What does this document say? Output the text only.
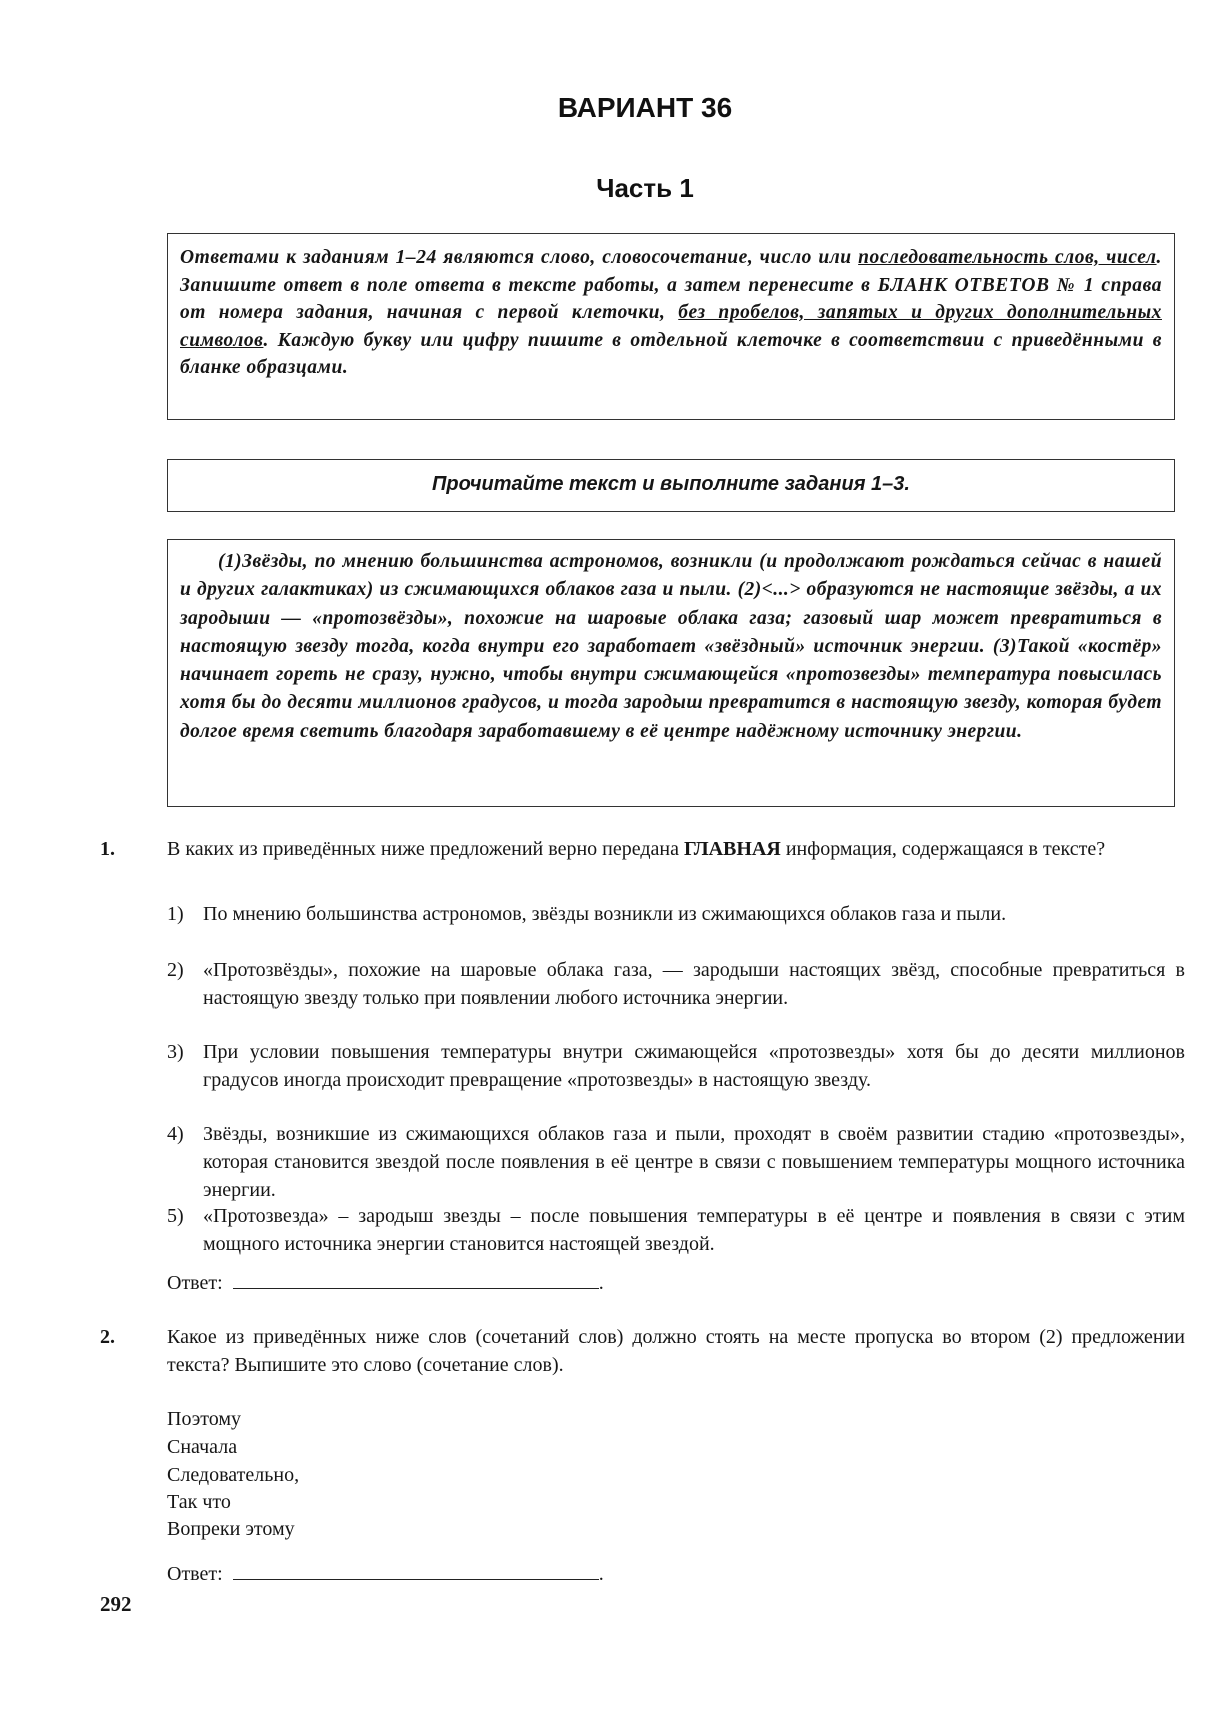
ВАРИАНТ 36
Часть 1

Ответами к заданиям 1–24 являются слово, словосочетание, число или последовательность слов, чисел. Запишите ответ в поле ответа в тексте работы, а затем перенесите в БЛАНК ОТВЕТОВ № 1 справа от номера задания, начиная с первой клеточки, без пробелов, запятых и других дополнительных символов. Каждую букву или цифру пишите в отдельной клеточке в соответствии с приведёнными в бланке образцами.

Прочитайте текст и выполните задания 1–3.

(1)Звёзды, по мнению большинства астрономов, возникли (и продолжают рождаться сейчас в нашей и других галактиках) из сжимающихся облаков газа и пыли. (2)<...> образуются не настоящие звёзды, а их зародыши — «протозвёзды», похожие на шаровые облака газа; газовый шар может превратиться в настоящую звезду тогда, когда внутри его заработает «звёздный» источник энергии. (3)Такой «костёр» начинает гореть не сразу, нужно, чтобы внутри сжимающейся «протозвезды» температура повысилась хотя бы до десяти миллионов градусов, и тогда зародыш превратится в настоящую звезду, которая будет долгое время светить благодаря заработавшему в её центре надёжному источнику энергии.

1.	В каких из приведённых ниже предложений верно передана ГЛАВНАЯ информация, содержащаяся в тексте?

1) По мнению большинства астрономов, звёзды возникли из сжимающихся облаков газа и пыли.

2) «Протозвёзды», похожие на шаровые облака газа, — зародыши настоящих звёзд, способные превратиться в настоящую звезду только при появлении любого источника энергии.

3) При условии повышения температуры внутри сжимающейся «протозвезды» хотя бы до десяти миллионов градусов иногда происходит превращение «протозвезды» в настоящую звезду.

4) Звёзды, возникшие из сжимающихся облаков газа и пыли, проходят в своём развитии стадию «протозвезды», которая становится звездой после появления в её центре в связи с повышением температуры мощного источника энергии.

5) «Протозвезда» – зародыш звезды – после повышения температуры в её центре и появления в связи с этим мощного источника энергии становится настоящей звездой.

Ответ:	.
2.	Какое из приведённых ниже слов (сочетаний слов) должно стоять на месте пропуска во втором (2) предложении текста? Выпишите это слово (сочетание слов).

Поэтому
Сначала
Следовательно,
Так что
Вопреки этому
Ответ:	.
292
